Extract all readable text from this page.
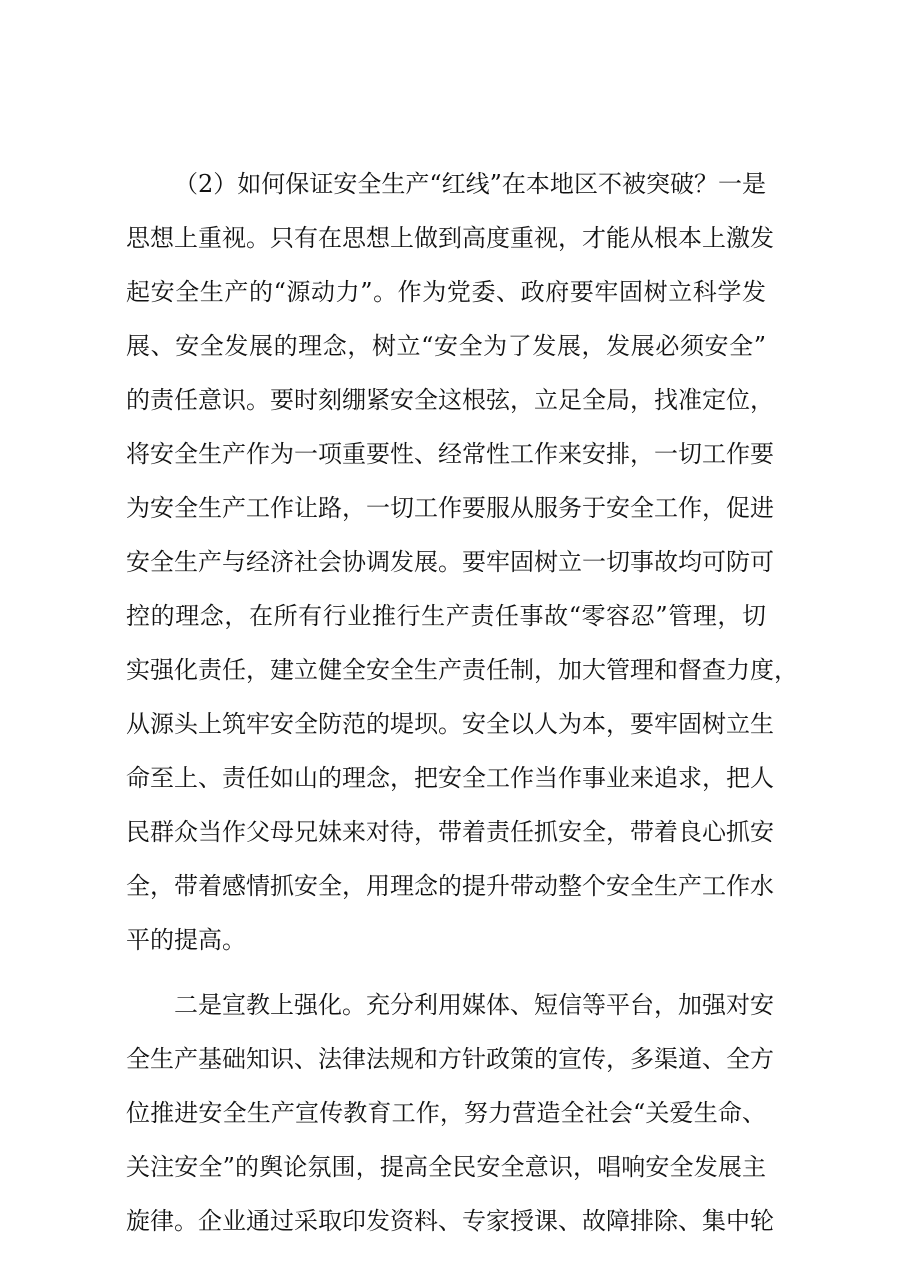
（2）如何保证安全生产“红线”在本地区不被突破？一是
思想上重视。只有在思想上做到高度重视，才能从根本上激发
起安全生产的“源动力”。作为党委、政府要牢固树立科学发
展、安全发展的理念，树立“安全为了发展，发展必须安全”
的责任意识。要时刻绷紧安全这根弦，立足全局，找准定位，
将安全生产作为一项重要性、经常性工作来安排，一切工作要
为安全生产工作让路，一切工作要服从服务于安全工作，促进
安全生产与经济社会协调发展。要牢固树立一切事故均可防可
控的理念，在所有行业推行生产责任事故“零容忍”管理，切
实强化责任，建立健全安全生产责任制，加大管理和督查力度，
从源头上筑牢安全防范的堤坝。安全以人为本，要牢固树立生
命至上、责任如山的理念，把安全工作当作事业来追求，把人
民群众当作父母兄妹来对待，带着责任抓安全，带着良心抓安
全，带着感情抓安全，用理念的提升带动整个安全生产工作水
平的提高。
二是宣教上强化。充分利用媒体、短信等平台，加强对安
全生产基础知识、法律法规和方针政策的宣传，多渠道、全方
位推进安全生产宣传教育工作，努力营造全社会“关爱生命、
关注安全”的舆论氛围，提高全民安全意识，唱响安全发展主
旋律。企业通过采取印发资料、专家授课、故障排除、集中轮
